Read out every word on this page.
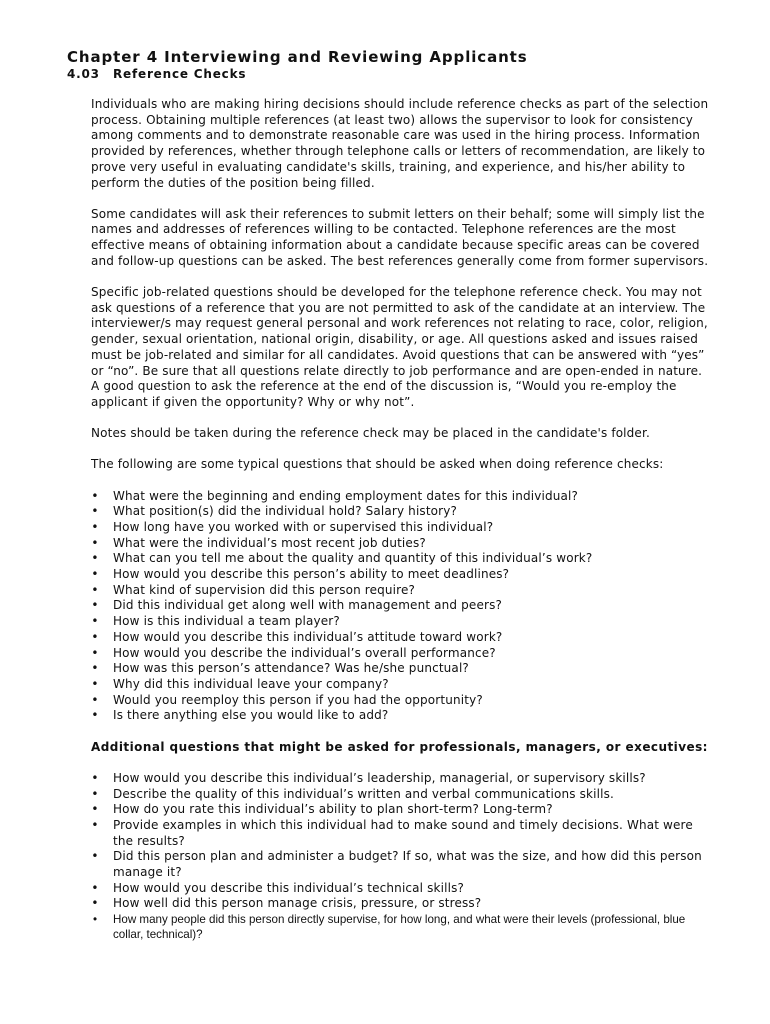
Chapter 4 Interviewing and Reviewing Applicants
4.03 Reference Checks

Individuals who are making hiring decisions should include reference checks as part of the selection process. Obtaining multiple references (at least two) allows the supervisor to look for consistency among comments and to demonstrate reasonable care was used in the hiring process. Information provided by references, whether through telephone calls or letters of recommendation, are likely to prove very useful in evaluating candidate's skills, training, and experience, and his/her ability to perform the duties of the position being filled.

Some candidates will ask their references to submit letters on their behalf; some will simply list the names and addresses of references willing to be contacted. Telephone references are the most effective means of obtaining information about a candidate because specific areas can be covered and follow-up questions can be asked. The best references generally come from former supervisors.

Specific job-related questions should be developed for the telephone reference check. You may not ask questions of a reference that you are not permitted to ask of the candidate at an interview. The interviewer/s may request general personal and work references not relating to race, color, religion, gender, sexual orientation, national origin, disability, or age. All questions asked and issues raised must be job-related and similar for all candidates. Avoid questions that can be answered with “yes” or “no”. Be sure that all questions relate directly to job performance and are open-ended in nature. A good question to ask the reference at the end of the discussion is, “Would you re-employ the applicant if given the opportunity? Why or why not”.

Notes should be taken during the reference check may be placed in the candidate's folder.

The following are some typical questions that should be asked when doing reference checks:

• What were the beginning and ending employment dates for this individual?
• What position(s) did the individual hold? Salary history?
• How long have you worked with or supervised this individual?
• What were the individual’s most recent job duties?
• What can you tell me about the quality and quantity of this individual’s work?
• How would you describe this person’s ability to meet deadlines?
• What kind of supervision did this person require?
• Did this individual get along well with management and peers?
• How is this individual a team player?
• How would you describe this individual’s attitude toward work?
• How would you describe the individual’s overall performance?
• How was this person’s attendance? Was he/she punctual?
• Why did this individual leave your company?
• Would you reemploy this person if you had the opportunity?
• Is there anything else you would like to add?

Additional questions that might be asked for professionals, managers, or executives:

• How would you describe this individual’s leadership, managerial, or supervisory skills?
• Describe the quality of this individual’s written and verbal communications skills.
• How do you rate this individual’s ability to plan short-term? Long-term?
• Provide examples in which this individual had to make sound and timely decisions. What were the results?
• Did this person plan and administer a budget? If so, what was the size, and how did this person manage it?
• How would you describe this individual’s technical skills?
• How well did this person manage crisis, pressure, or stress?
•	How many people did this person directly supervise, for how long, and what were their levels (professional, blue collar, technical)?
